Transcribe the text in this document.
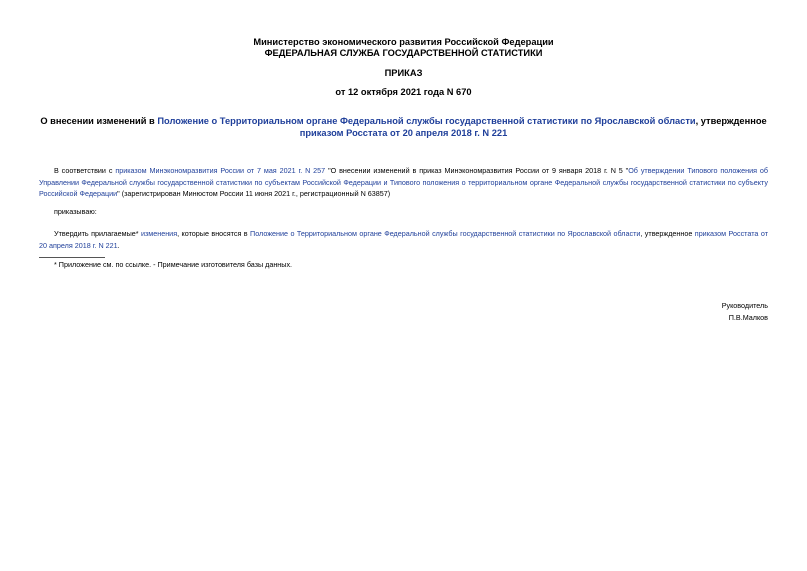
Министерство экономического развития Российской Федерации
ФЕДЕРАЛЬНАЯ СЛУЖБА ГОСУДАРСТВЕННОЙ СТАТИСТИКИ
ПРИКАЗ
от 12 октября 2021 года N 670
О внесении изменений в Положение о Территориальном органе Федеральной службы государственной статистики по Ярославской области, утвержденное приказом Росстата от 20 апреля 2018 г. N 221
В соответствии с приказом Минэкономразвития России от 7 мая 2021 г. N 257 "О внесении изменений в приказ Минэкономразвития России от 9 января 2018 г. N 5 "Об утверждении Типового положения об Управлении Федеральной службы государственной статистики по субъектам Российской Федерации и Типового положения о территориальном органе Федеральной службы государственной статистики по субъекту Российской Федерации" (зарегистрирован Минюстом России 11 июня 2021 г., регистрационный N 63857)
приказываю:
Утвердить прилагаемые* изменения, которые вносятся в Положение о Территориальном органе Федеральной службы государственной статистики по Ярославской области, утвержденное приказом Росстата от 20 апреля 2018 г. N 221.
* Приложение см. по ссылке. - Примечание изготовителя базы данных.
Руководитель
П.В.Малков
